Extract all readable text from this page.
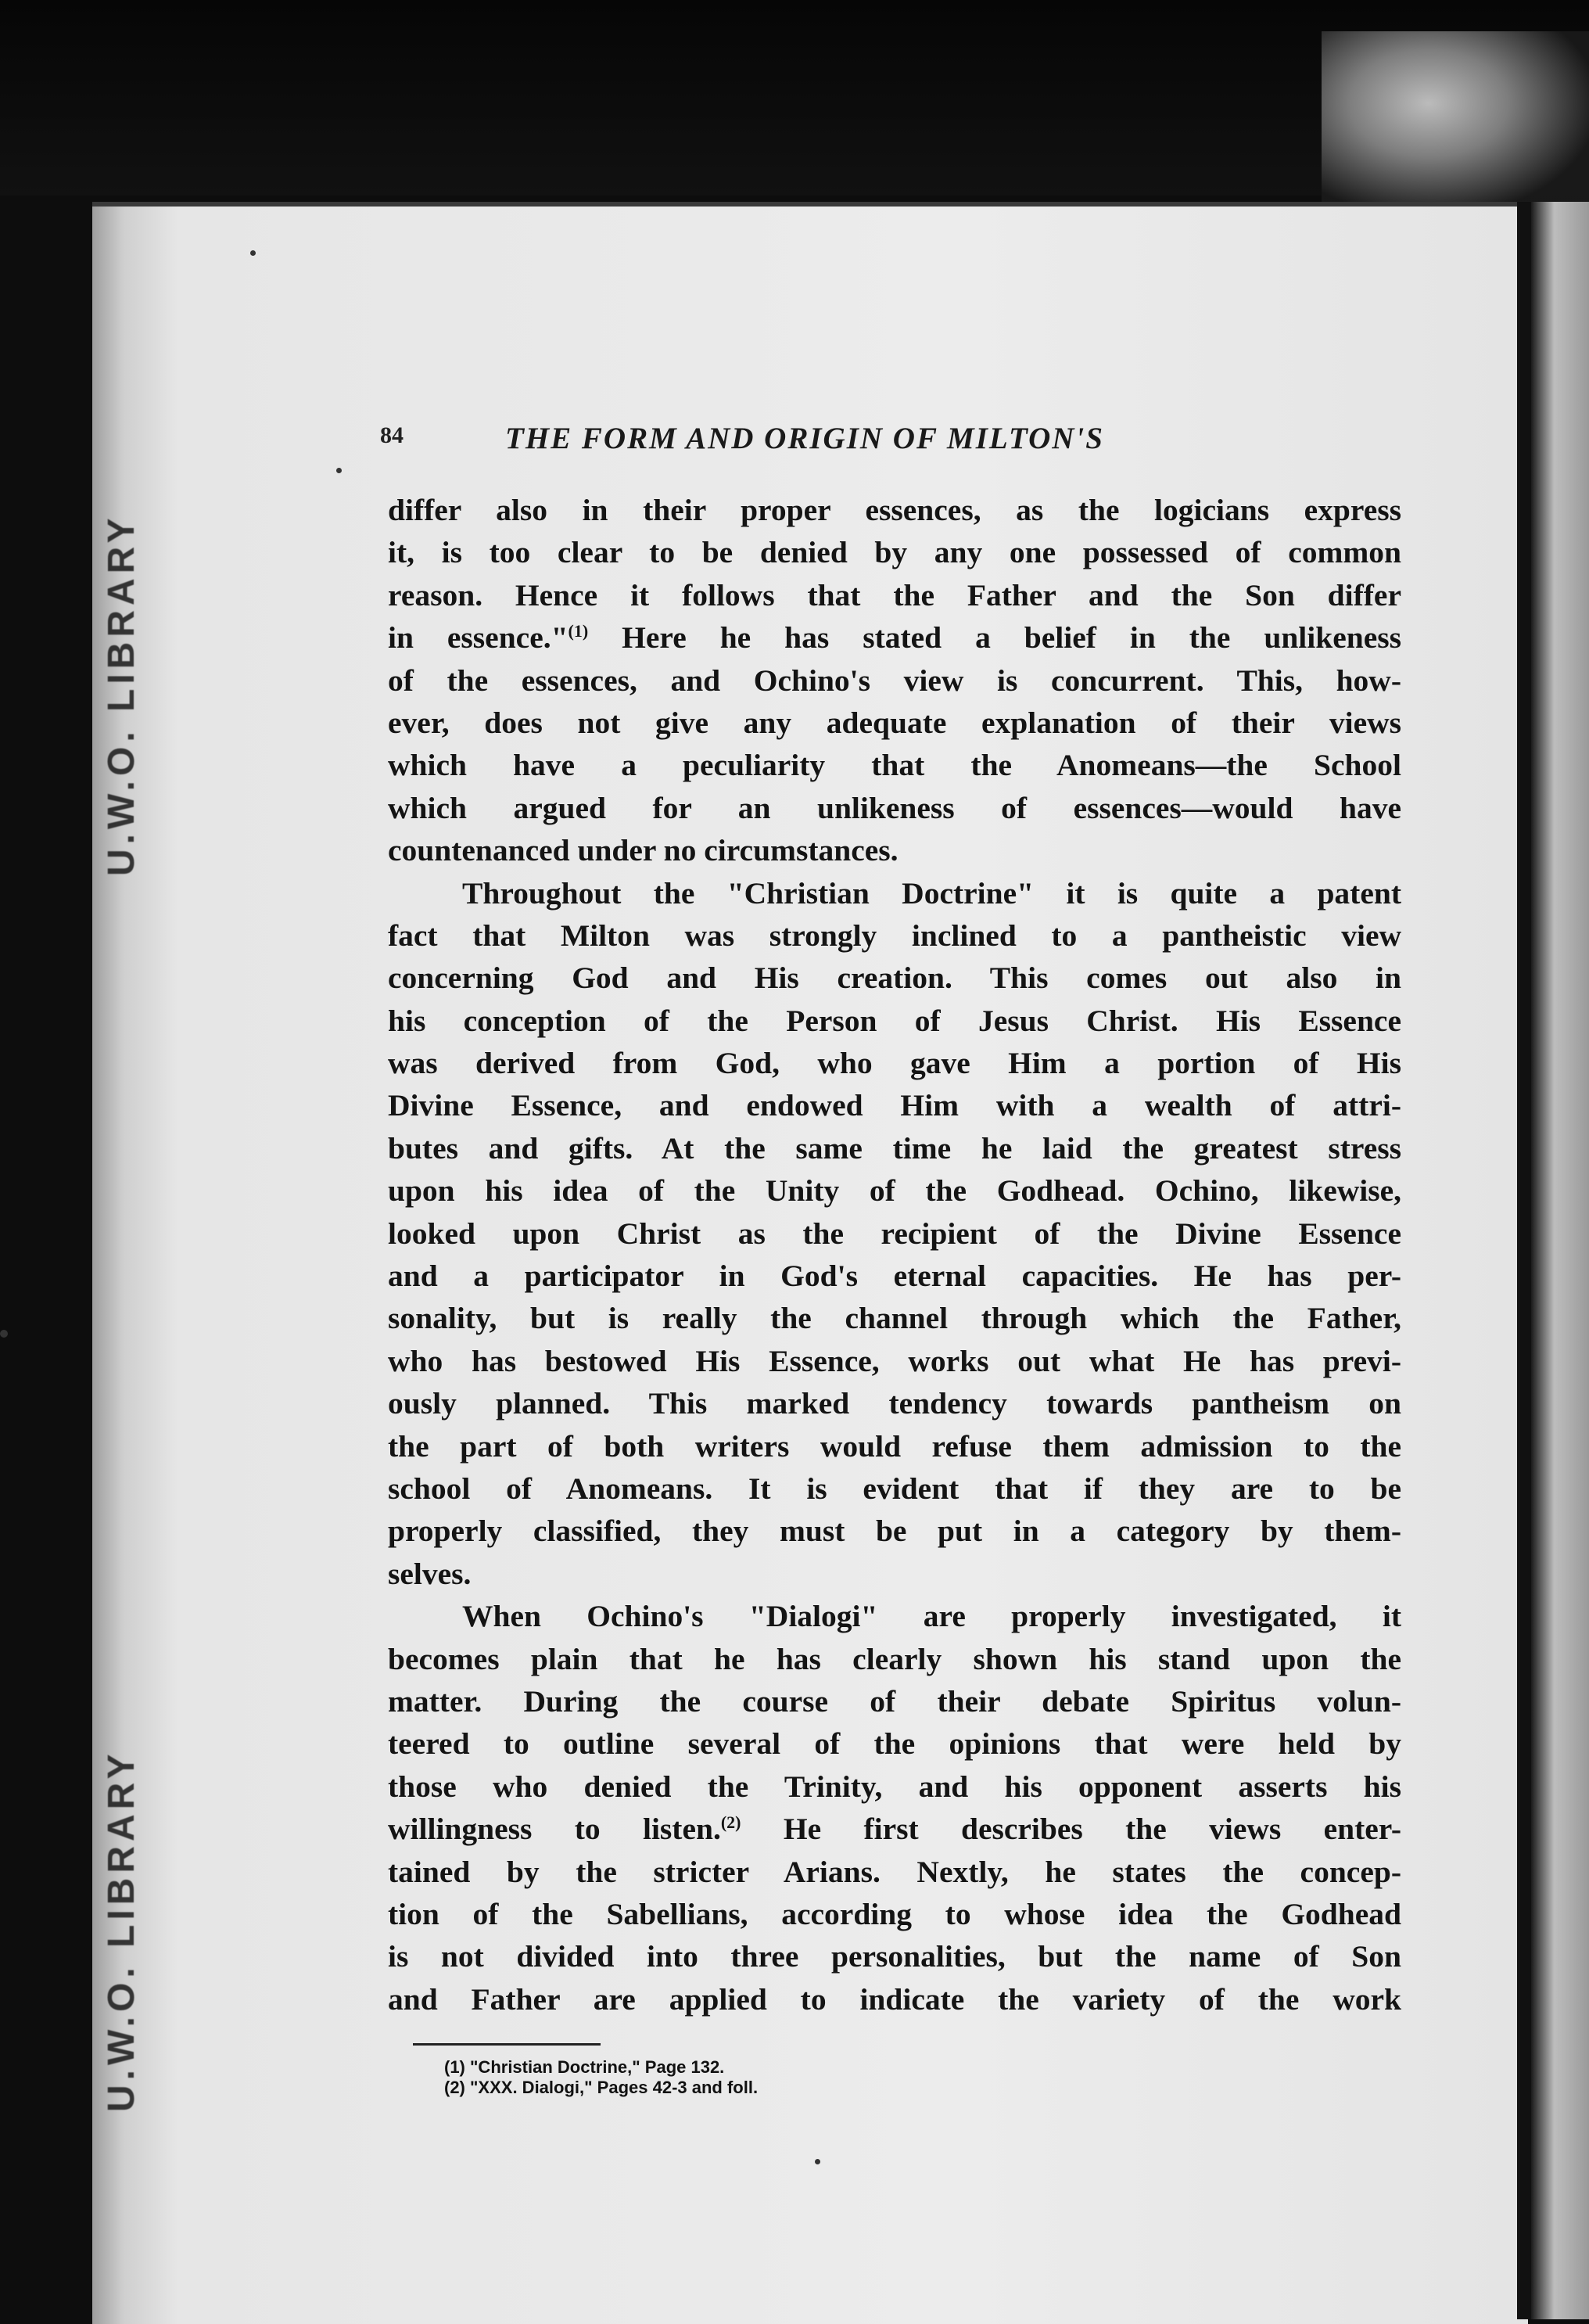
U.W.O. LIBRARY
U.W.O. LIBRARY
84	THE FORM AND ORIGIN OF MILTON'S
differ also in their proper essences, as the logicians express
it, is too clear to be denied by any one possessed of common
reason. Hence it follows that the Father and the Son differ
in essence."$^{(1)}$ Here he has stated a belief in the unlikeness
of the essences, and Ochino's view is concurrent. This, how-
ever, does not give any adequate explanation of their views
which have a peculiarity that the Anomeans—the School
which argued for an unlikeness of essences—would have
countenanced under no circumstances.
Throughout the "Christian Doctrine" it is quite a patent
fact that Milton was strongly inclined to a pantheistic view
concerning God and His creation. This comes out also in
his conception of the Person of Jesus Christ. His Essence
was derived from God, who gave Him a portion of His
Divine Essence, and endowed Him with a wealth of attri-
butes and gifts. At the same time he laid the greatest stress
upon his idea of the Unity of the Godhead. Ochino, likewise,
looked upon Christ as the recipient of the Divine Essence
and a participator in God's eternal capacities. He has per-
sonality, but is really the channel through which the Father,
who has bestowed His Essence, works out what He has previ-
ously planned. This marked tendency towards pantheism on
the part of both writers would refuse them admission to the
school of Anomeans. It is evident that if they are to be
properly classified, they must be put in a category by them-
selves.
When Ochino's "Dialogi" are properly investigated, it
becomes plain that he has clearly shown his stand upon the
matter. During the course of their debate Spiritus volun-
teered to outline several of the opinions that were held by
those who denied the Trinity, and his opponent asserts his
willingness to listen.$^{(2)}$ He first describes the views enter-
tained by the stricter Arians. Nextly, he states the concep-
tion of the Sabellians, according to whose idea the Godhead
is not divided into three personalities, but the name of Son
and Father are applied to indicate the variety of the work
(1) "Christian Doctrine," Page 132.
(2) "XXX. Dialogi," Pages 42-3 and foll.
